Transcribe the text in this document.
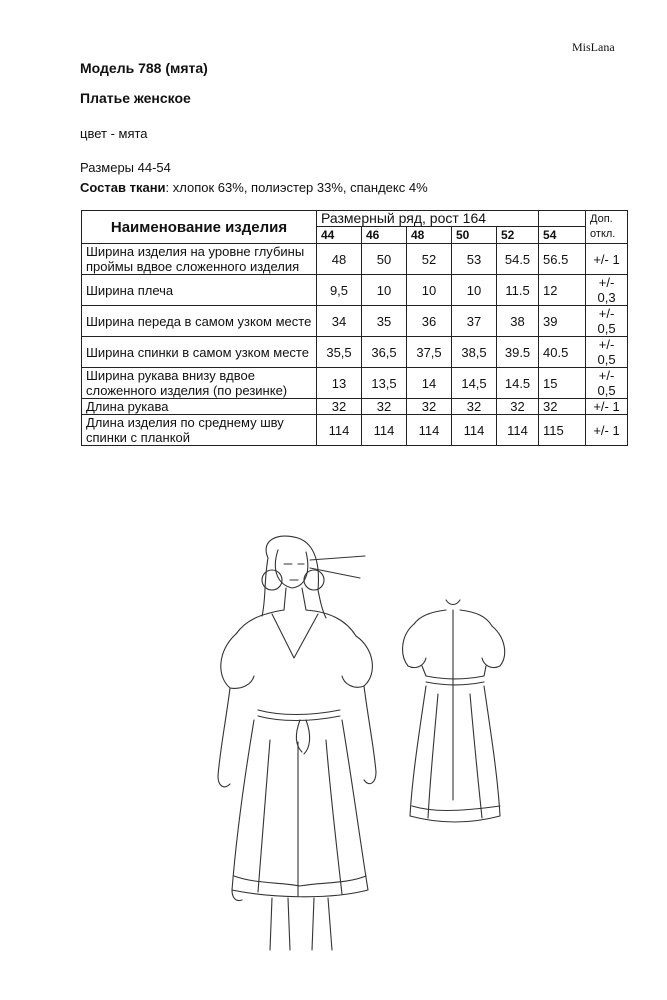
MisLana
Модель 788 (мята)
Платье женское
цвет - мята
Размеры 44-54
Состав ткани: хлопок 63%, полиэстер 33%, спандекс 4%
Наименование изделия	Размерный ряд, рост 164						Доп. откл.
	44	46	48	50	52	54	
Ширина изделия на уровне глубины проймы вдвое сложенного изделия	48	50	52	53	54.5	56.5	+/- 1
Ширина плеча	9,5	10	10	10	11.5	12	+/- 0,3
Ширина переда в самом узком месте	34	35	36	37	38	39	+/- 0,5
Ширина спинки в самом узком месте	35,5	36,5	37,5	38,5	39.5	40.5	+/- 0,5
Ширина рукава внизу вдвое сложенного изделия (по резинке)	13	13,5	14	14,5	14.5	15	+/- 0,5
Длина рукава	32	32	32	32	32	32	+/- 1
Длина изделия по среднему шву спинки с планкой	114	114	114	114	114	115	+/- 1
